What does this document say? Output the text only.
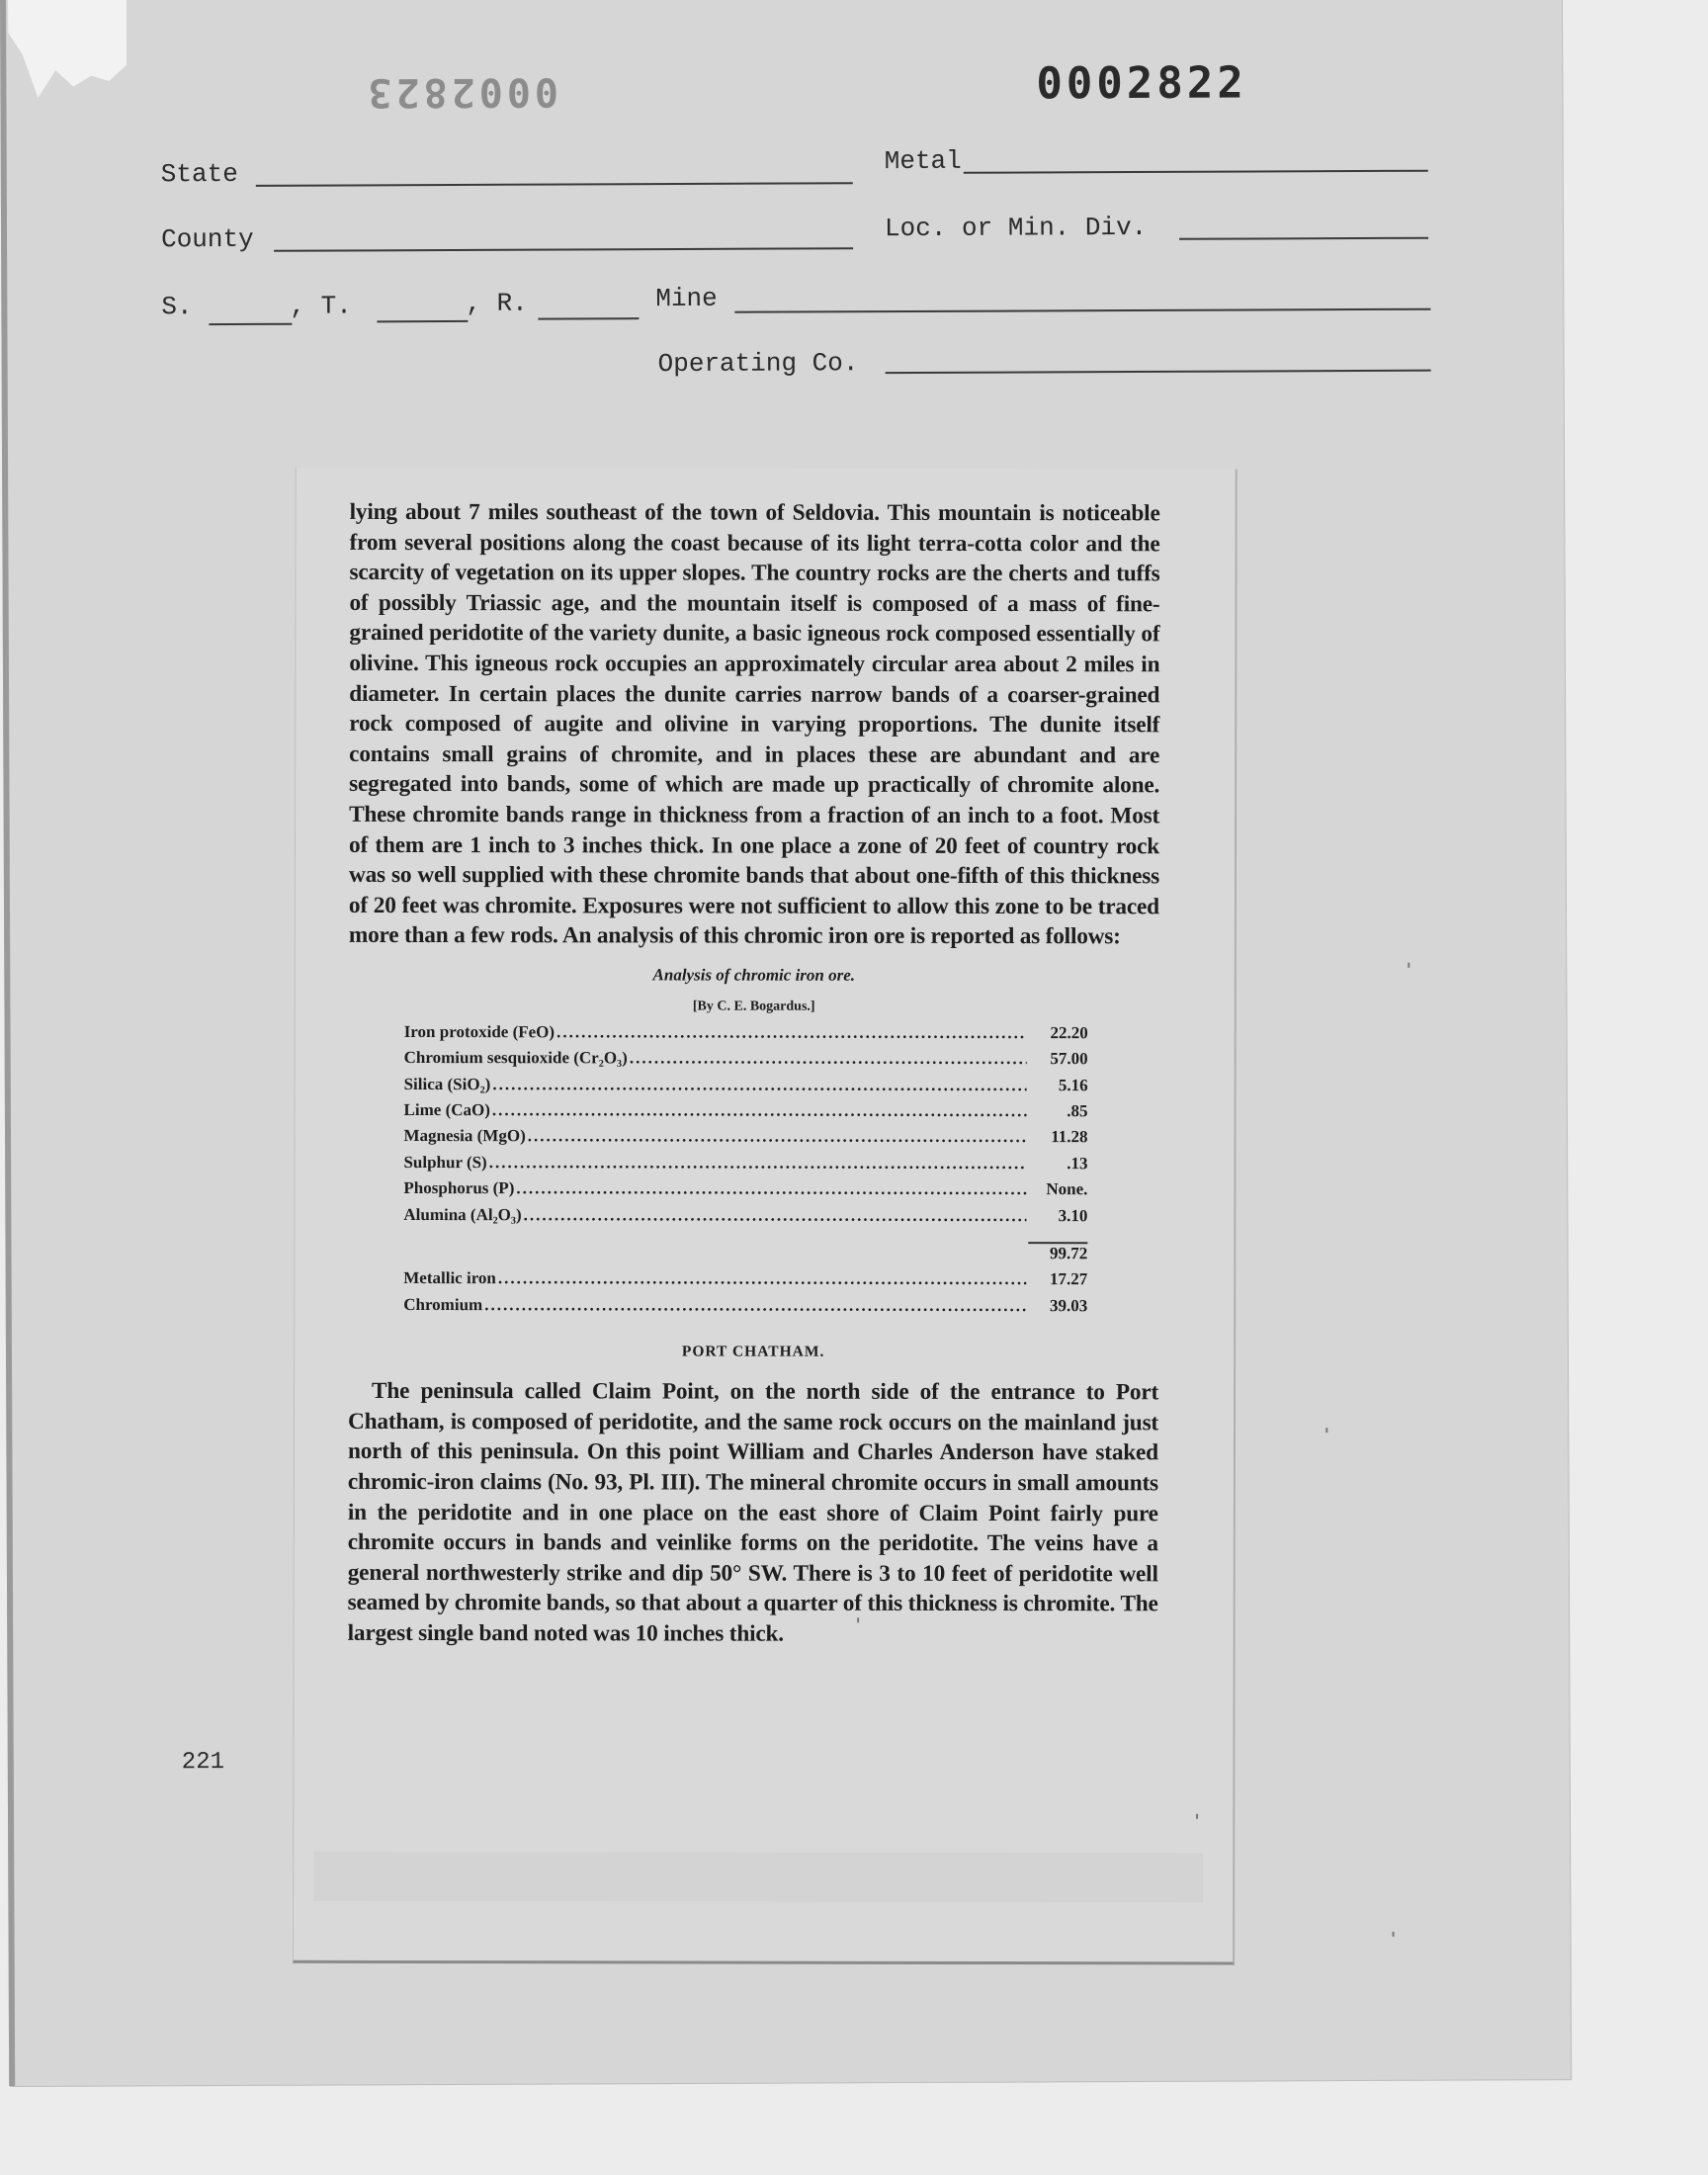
0002823	0002822
State	Metal
County	Loc. or Min. Div.
S.	, T.	, R.	Mine
Operating Co.
221

lying about 7 miles southeast of the town of Seldovia. This mountain is noticeable from several positions along the coast because of its light terra-cotta color and the scarcity of vegetation on its upper slopes. The country rocks are the cherts and tuffs of possibly Triassic age, and the mountain itself is composed of a mass of fine-grained peridotite of the variety dunite, a basic igneous rock composed essentially of olivine. This igneous rock occupies an approximately circular area about 2 miles in diameter. In certain places the dunite carries narrow bands of a coarser-grained rock composed of augite and olivine in varying proportions. The dunite itself contains small grains of chromite, and in places these are abundant and are segregated into bands, some of which are made up practically of chromite alone. These chromite bands range in thickness from a fraction of an inch to a foot. Most of them are 1 inch to 3 inches thick. In one place a zone of 20 feet of country rock was so well supplied with these chromite bands that about one-fifth of this thickness of 20 feet was chromite. Exposures were not sufficient to allow this zone to be traced more than a few rods. An analysis of this chromic iron ore is reported as follows:

Analysis of chromic iron ore.
[By C. E. Bogardus.]
Iron protoxide (FeO) .....	22.20
Chromium sesquioxide (Cr₂O₃) .....	57.00
Silica (SiO₂) .....	5.16
Lime (CaO) .....	.85
Magnesia (MgO) .....	11.28
Sulphur (S) .....	.13
Phosphorus (P) .....	None.
Alumina (Al₂O₃) .....	3.10
99.72
Metallic iron .....	17.27
Chromium .....	39.03
PORT CHATHAM.

The peninsula called Claim Point, on the north side of the entrance to Port Chatham, is composed of peridotite, and the same rock occurs on the mainland just north of this peninsula. On this point William and Charles Anderson have staked chromic-iron claims (No. 93, Pl. III). The mineral chromite occurs in small amounts in the peridotite and in one place on the east shore of Claim Point fairly pure chromite occurs in bands and veinlike forms on the peridotite. The veins have a general northwesterly strike and dip 50° SW. There is 3 to 10 feet of peridotite well seamed by chromite bands, so that about a quarter of this thickness is chromite. The largest single band noted was 10 inches thick.
